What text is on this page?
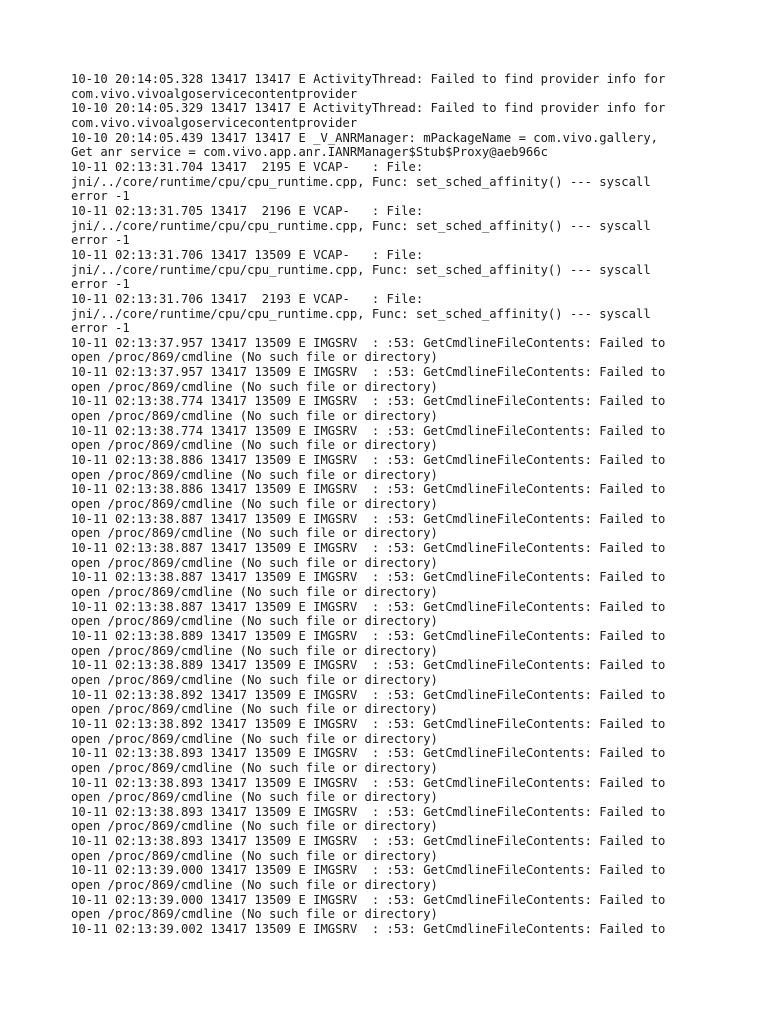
10-10 20:14:05.328 13417 13417 E ActivityThread: Failed to find provider info for
com.vivo.vivoalgoservicecontentprovider
10-10 20:14:05.329 13417 13417 E ActivityThread: Failed to find provider info for
com.vivo.vivoalgoservicecontentprovider
10-10 20:14:05.439 13417 13417 E _V_ANRManager: mPackageName = com.vivo.gallery,
Get anr service = com.vivo.app.anr.IANRManager$Stub$Proxy@aeb966c
10-11 02:13:31.704 13417  2195 E VCAP-   : File:
jni/../core/runtime/cpu/cpu_runtime.cpp, Func: set_sched_affinity() --- syscall
error -1
10-11 02:13:31.705 13417  2196 E VCAP-   : File:
jni/../core/runtime/cpu/cpu_runtime.cpp, Func: set_sched_affinity() --- syscall
error -1
10-11 02:13:31.706 13417 13509 E VCAP-   : File:
jni/../core/runtime/cpu/cpu_runtime.cpp, Func: set_sched_affinity() --- syscall
error -1
10-11 02:13:31.706 13417  2193 E VCAP-   : File:
jni/../core/runtime/cpu/cpu_runtime.cpp, Func: set_sched_affinity() --- syscall
error -1
10-11 02:13:37.957 13417 13509 E IMGSRV  : :53: GetCmdlineFileContents: Failed to
open /proc/869/cmdline (No such file or directory)
10-11 02:13:37.957 13417 13509 E IMGSRV  : :53: GetCmdlineFileContents: Failed to
open /proc/869/cmdline (No such file or directory)
10-11 02:13:38.774 13417 13509 E IMGSRV  : :53: GetCmdlineFileContents: Failed to
open /proc/869/cmdline (No such file or directory)
10-11 02:13:38.774 13417 13509 E IMGSRV  : :53: GetCmdlineFileContents: Failed to
open /proc/869/cmdline (No such file or directory)
10-11 02:13:38.886 13417 13509 E IMGSRV  : :53: GetCmdlineFileContents: Failed to
open /proc/869/cmdline (No such file or directory)
10-11 02:13:38.886 13417 13509 E IMGSRV  : :53: GetCmdlineFileContents: Failed to
open /proc/869/cmdline (No such file or directory)
10-11 02:13:38.887 13417 13509 E IMGSRV  : :53: GetCmdlineFileContents: Failed to
open /proc/869/cmdline (No such file or directory)
10-11 02:13:38.887 13417 13509 E IMGSRV  : :53: GetCmdlineFileContents: Failed to
open /proc/869/cmdline (No such file or directory)
10-11 02:13:38.887 13417 13509 E IMGSRV  : :53: GetCmdlineFileContents: Failed to
open /proc/869/cmdline (No such file or directory)
10-11 02:13:38.887 13417 13509 E IMGSRV  : :53: GetCmdlineFileContents: Failed to
open /proc/869/cmdline (No such file or directory)
10-11 02:13:38.889 13417 13509 E IMGSRV  : :53: GetCmdlineFileContents: Failed to
open /proc/869/cmdline (No such file or directory)
10-11 02:13:38.889 13417 13509 E IMGSRV  : :53: GetCmdlineFileContents: Failed to
open /proc/869/cmdline (No such file or directory)
10-11 02:13:38.892 13417 13509 E IMGSRV  : :53: GetCmdlineFileContents: Failed to
open /proc/869/cmdline (No such file or directory)
10-11 02:13:38.892 13417 13509 E IMGSRV  : :53: GetCmdlineFileContents: Failed to
open /proc/869/cmdline (No such file or directory)
10-11 02:13:38.893 13417 13509 E IMGSRV  : :53: GetCmdlineFileContents: Failed to
open /proc/869/cmdline (No such file or directory)
10-11 02:13:38.893 13417 13509 E IMGSRV  : :53: GetCmdlineFileContents: Failed to
open /proc/869/cmdline (No such file or directory)
10-11 02:13:38.893 13417 13509 E IMGSRV  : :53: GetCmdlineFileContents: Failed to
open /proc/869/cmdline (No such file or directory)
10-11 02:13:38.893 13417 13509 E IMGSRV  : :53: GetCmdlineFileContents: Failed to
open /proc/869/cmdline (No such file or directory)
10-11 02:13:39.000 13417 13509 E IMGSRV  : :53: GetCmdlineFileContents: Failed to
open /proc/869/cmdline (No such file or directory)
10-11 02:13:39.000 13417 13509 E IMGSRV  : :53: GetCmdlineFileContents: Failed to
open /proc/869/cmdline (No such file or directory)
10-11 02:13:39.002 13417 13509 E IMGSRV  : :53: GetCmdlineFileContents: Failed to
